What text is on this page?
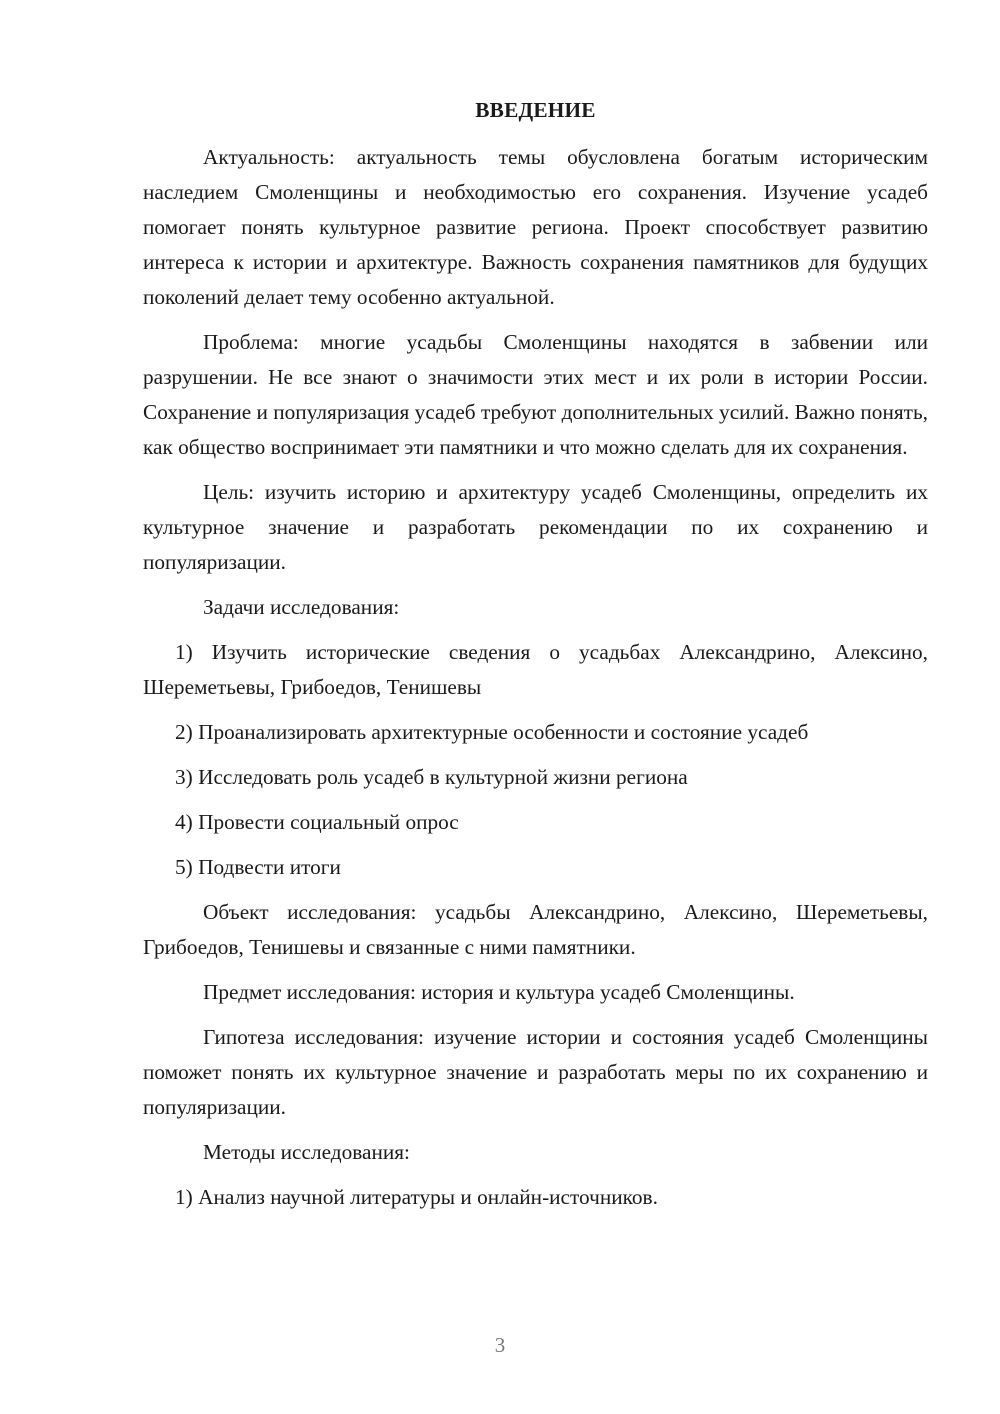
ВВЕДЕНИЕ

Актуальность: актуальность темы обусловлена богатым историческим наследием Смоленщины и необходимостью его сохранения. Изучение усадеб помогает понять культурное развитие региона. Проект способствует развитию интереса к истории и архитектуре. Важность сохранения памятников для будущих поколений делает тему особенно актуальной.

Проблема: многие усадьбы Смоленщины находятся в забвении или разрушении. Не все знают о значимости этих мест и их роли в истории России. Сохранение и популяризация усадеб требуют дополнительных усилий. Важно понять, как общество воспринимает эти памятники и что можно сделать для их сохранения.

Цель: изучить историю и архитектуру усадеб Смоленщины, определить их культурное значение и разработать рекомендации по их сохранению и популяризации.

Задачи исследования:

1) Изучить исторические сведения о усадьбах Александрино, Алексино, Шереметьевы, Грибоедов, Тенишевы

2) Проанализировать архитектурные особенности и состояние усадеб

3) Исследовать роль усадеб в культурной жизни региона

4) Провести социальный опрос

5) Подвести итоги

Объект исследования: усадьбы Александрино, Алексино, Шереметьевы, Грибоедов, Тенишевы и связанные с ними памятники.

Предмет исследования: история и культура усадеб Смоленщины.

Гипотеза исследования: изучение истории и состояния усадеб Смоленщины поможет понять их культурное значение и разработать меры по их сохранению и популяризации.

Методы исследования:

1) Анализ научной литературы и онлайн-источников.

3
